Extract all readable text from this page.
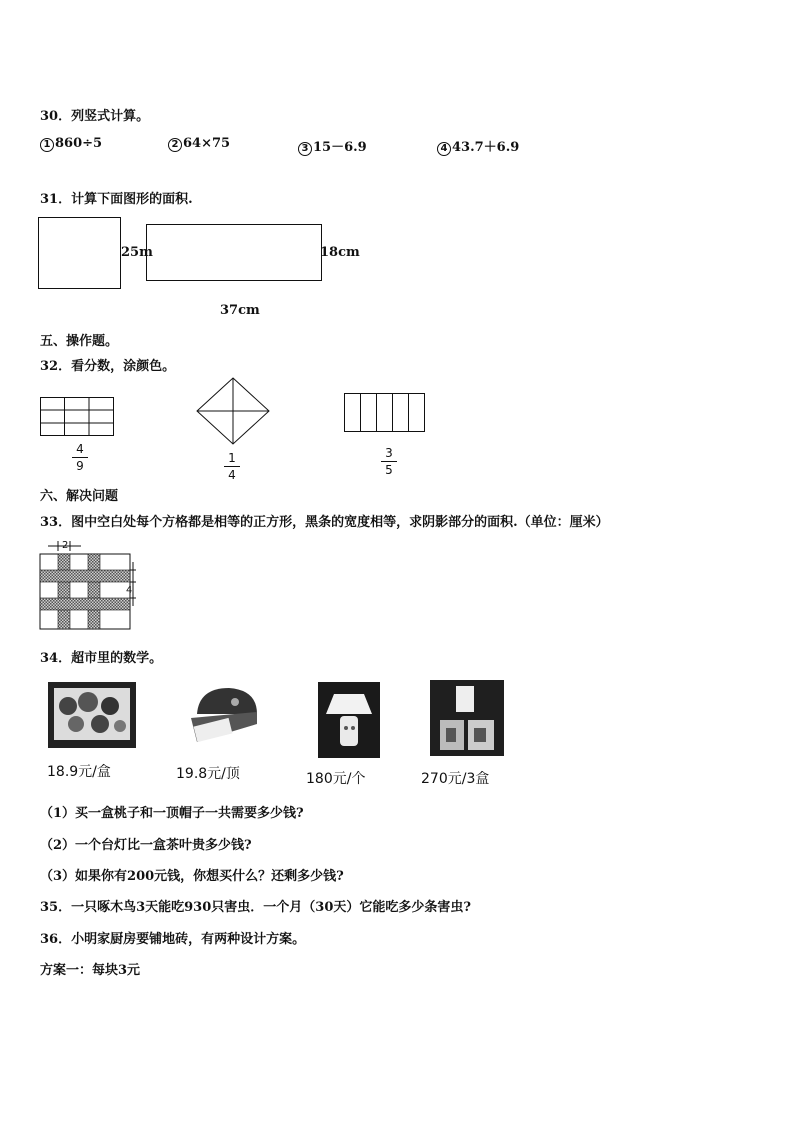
30．列竖式计算。
1 860÷5	2 64×75	3 15－6.9	4 43.7＋6.9
31．计算下面图形的面积.
25m	18cm
37cm
五、操作题。
32．看分数，涂颜色。
4
9
1
4
3
5
六、解决问题
33．图中空白处每个方格都是相等的正方形，黑条的宽度相等，求阴影部分的面积.（单位：厘米）
2
4
34．超市里的数学。
18.9元/盒	19.8元/顶	180元/个	270元/3盒
（1）买一盒桃子和一顶帽子一共需要多少钱?
（2）一个台灯比一盒茶叶贵多少钱?
（3）如果你有200元钱，你想买什么？还剩多少钱?
35．一只啄木鸟3天能吃930只害虫．一个月（30天）它能吃多少条害虫?
36．小明家厨房要铺地砖，有两种设计方案。
方案一：每块3元
